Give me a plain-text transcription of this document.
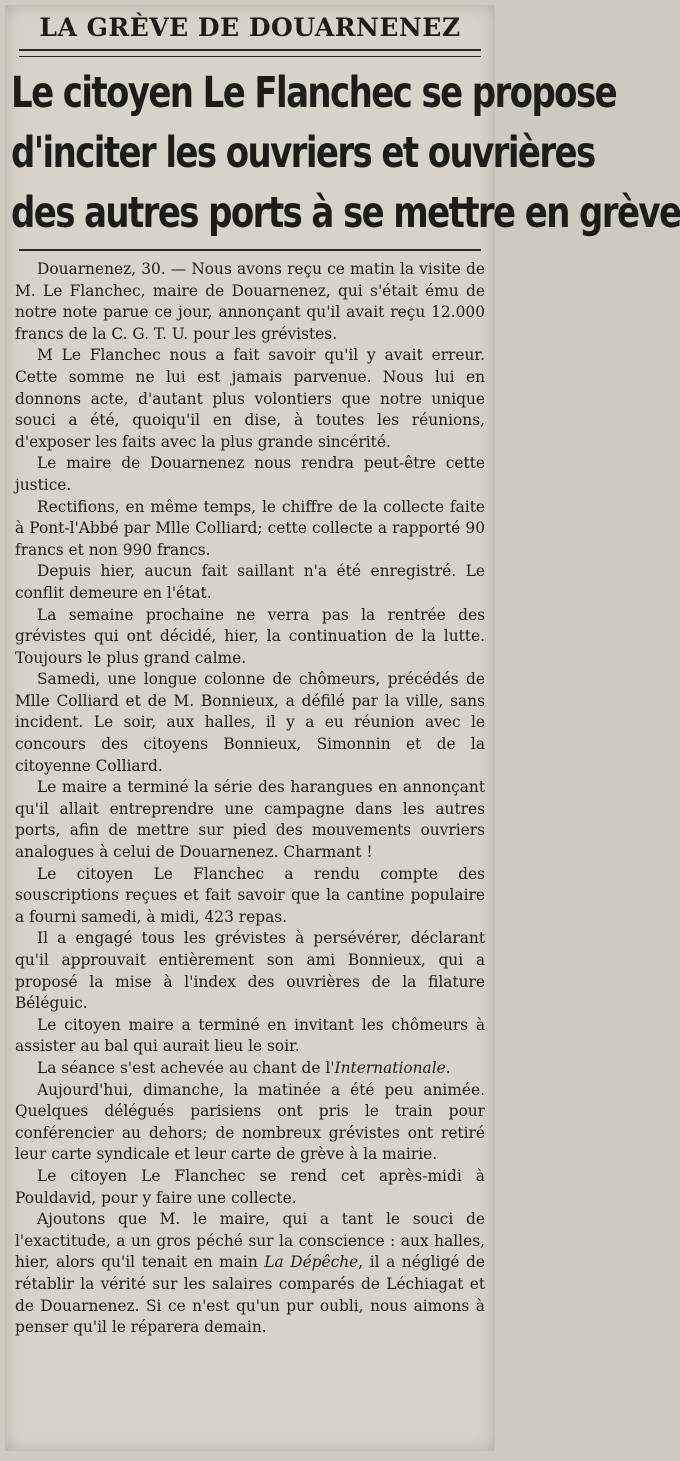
LA GRÈVE DE DOUARNENEZ
Le citoyen Le Flanchec se propose
d'inciter les ouvriers et ouvrières
des autres ports à se mettre en grève

Douarnenez, 30. — Nous avons reçu ce matin la visite de M. Le Flanchec, maire de Douarnenez, qui s'était ému de notre note parue ce jour, annonçant qu'il avait reçu 12.000 francs de la C. G. T. U. pour les grévistes.

M Le Flanchec nous a fait savoir qu'il y avait erreur. Cette somme ne lui est jamais parvenue. Nous lui en donnons acte, d'autant plus volontiers que notre unique souci a été, quoiqu'il en dise, à toutes les réunions, d'exposer les faits avec la plus grande sincérité.

Le maire de Douarnenez nous rendra peut-être cette justice.

Rectifions, en même temps, le chiffre de la collecte faite à Pont-l'Abbé par Mlle Colliard; cette collecte a rapporté 90 francs et non 990 francs.

Depuis hier, aucun fait saillant n'a été enregistré. Le conflit demeure en l'état.

La semaine prochaine ne verra pas la rentrée des grévistes qui ont décidé, hier, la continuation de la lutte. Toujours le plus grand calme.

Samedi, une longue colonne de chômeurs, précédés de Mlle Colliard et de M. Bonnieux, a défilé par la ville, sans incident. Le soir, aux halles, il y a eu réunion avec le concours des citoyens Bonnieux, Simonnin et de la citoyenne Colliard.

Le maire a terminé la série des harangues en annonçant qu'il allait entreprendre une campagne dans les autres ports, afin de mettre sur pied des mouvements ouvriers analogues à celui de Douarnenez. Charmant !

Le citoyen Le Flanchec a rendu compte des souscriptions reçues et fait savoir que la cantine populaire a fourni samedi, à midi, 423 repas.

Il a engagé tous les grévistes à persévérer, déclarant qu'il approuvait entièrement son ami Bonnieux, qui a proposé la mise à l'index des ouvrières de la filature Béléguic.

Le citoyen maire a terminé en invitant les chômeurs à assister au bal qui aurait lieu le soir.

La séance s'est achevée au chant de l'Internationale.

Aujourd'hui, dimanche, la matinée a été peu animée. Quelques délégués parisiens ont pris le train pour conférencier au dehors; de nombreux grévistes ont retiré leur carte syndicale et leur carte de grève à la mairie.

Le citoyen Le Flanchec se rend cet après-midi à Pouldavid, pour y faire une collecte.

Ajoutons que M. le maire, qui a tant le souci de l'exactitude, a un gros péché sur la conscience : aux halles, hier, alors qu'il tenait en main La Dépêche, il a négligé de rétablir la vérité sur les salaires comparés de Léchiagat et de Douarnenez. Si ce n'est qu'un pur oubli, nous aimons à penser qu'il le réparera demain.
